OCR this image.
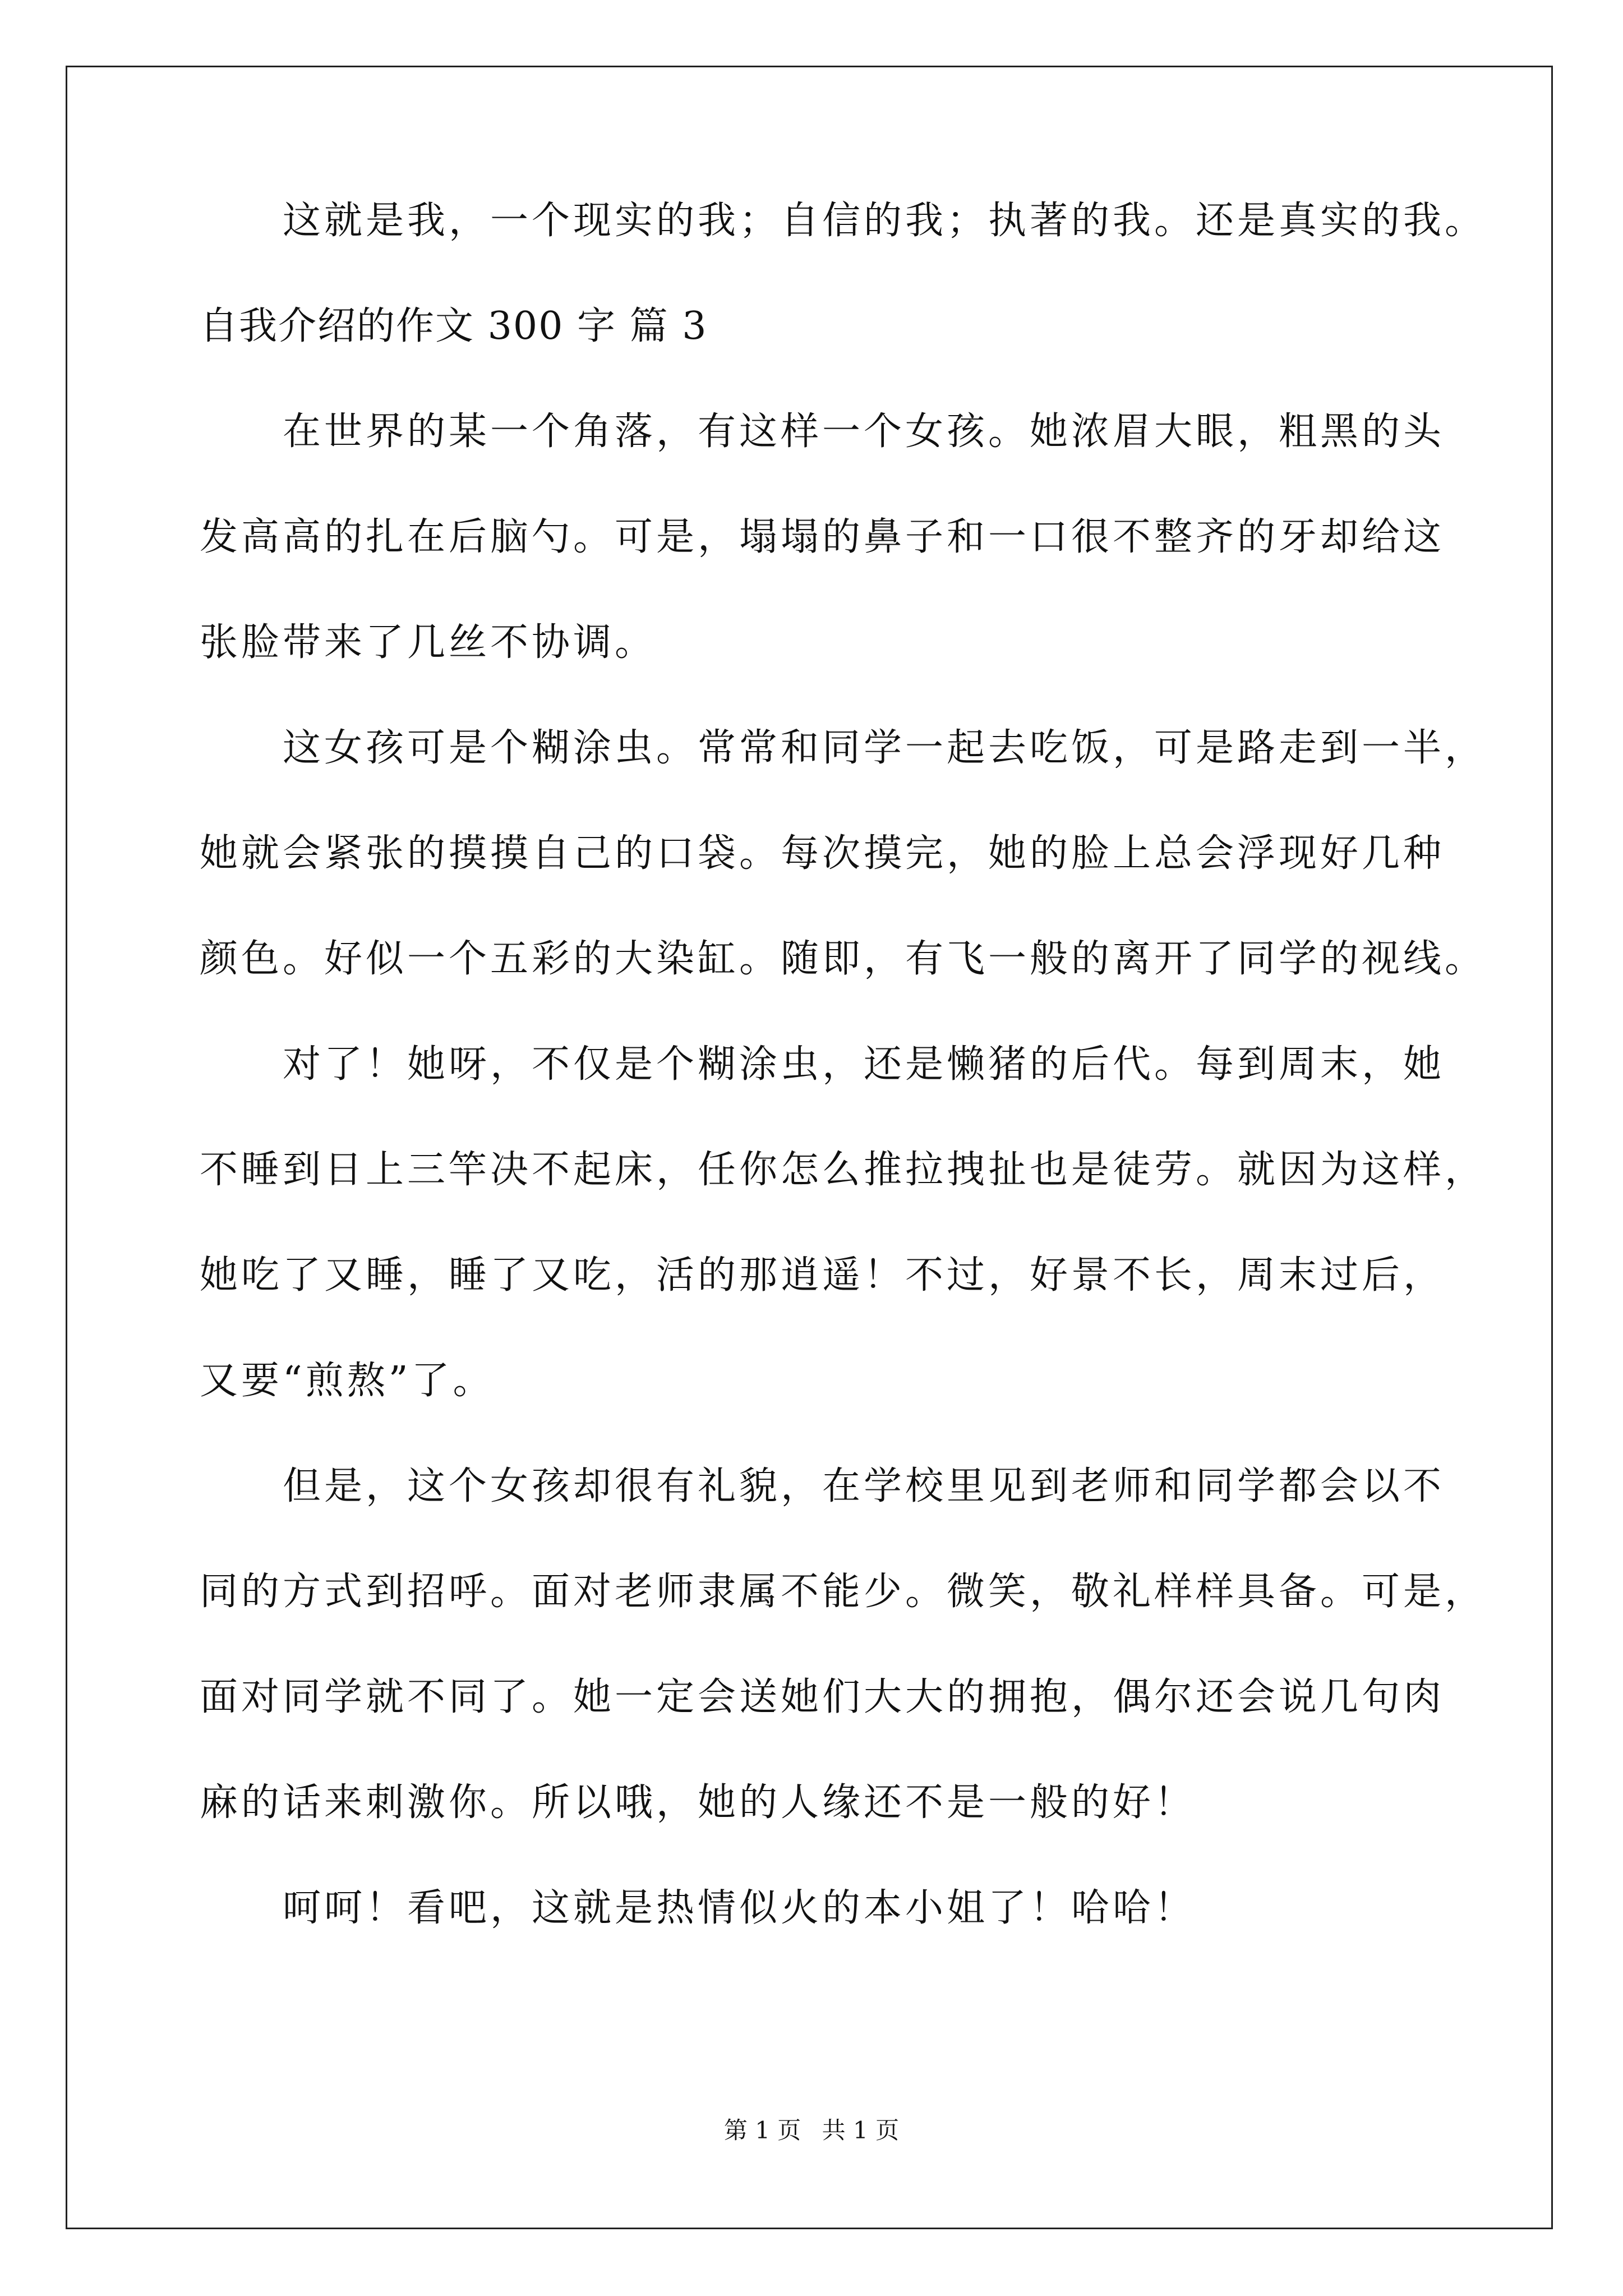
这就是我，一个现实的我；自信的我；执著的我。还是真实的我。
自我介绍的作文 300 字 篇 3
在世界的某一个角落，有这样一个女孩。她浓眉大眼，粗黑的头
发高高的扎在后脑勺。可是，塌塌的鼻子和一口很不整齐的牙却给这
张脸带来了几丝不协调。
这女孩可是个糊涂虫。常常和同学一起去吃饭，可是路走到一半，
她就会紧张的摸摸自己的口袋。每次摸完，她的脸上总会浮现好几种
颜色。好似一个五彩的大染缸。随即，有飞一般的离开了同学的视线。
对了！她呀，不仅是个糊涂虫，还是懒猪的后代。每到周末，她
不睡到日上三竿决不起床，任你怎么推拉拽扯也是徒劳。就因为这样，
她吃了又睡，睡了又吃，活的那逍遥！不过，好景不长，周末过后，
又要“煎熬”了。
但是，这个女孩却很有礼貌，在学校里见到老师和同学都会以不
同的方式到招呼。面对老师隶属不能少。微笑，敬礼样样具备。可是，
面对同学就不同了。她一定会送她们大大的拥抱，偶尔还会说几句肉
麻的话来刺激你。所以哦，她的人缘还不是一般的好！
呵呵！看吧，这就是热情似火的本小姐了！哈哈！
第 1 页 共 1 页
